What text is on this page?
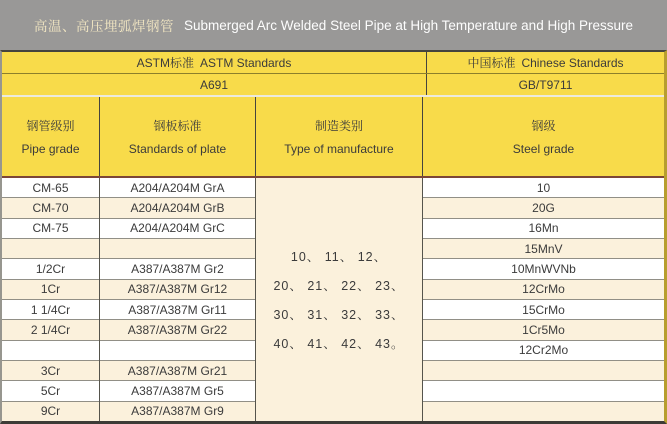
高温、高压埋弧焊钢管 Submerged Arc Welded Steel Pipe at High Temperature and High Pressure
ASTM标准 ASTM Standards	中国标准 Chinese Standards
A691	GB/T9711
钢管级别
Pipe grade
钢板标准
Standards of plate
制造类别
Type of manufacture
钢级
Steel grade
CM-65
CM-70
CM-75
1/2Cr
1Cr
1 1/4Cr
2 1/4Cr
3Cr
5Cr
9Cr
A204/A204M GrA
A204/A204M GrB
A204/A204M GrC
A387/A387M Gr2
A387/A387M Gr12
A387/A387M Gr11
A387/A387M Gr22
A387/A387M Gr21
A387/A387M Gr5
A387/A387M Gr9
10、 11、 12、
20、 21、 22、 23、
30、 31、 32、 33、
40、 41、 42、 43。
10
20G
16Mn
15MnV
10MnWVNb
12CrMo
15CrMo
1Cr5Mo
12Cr2Mo
